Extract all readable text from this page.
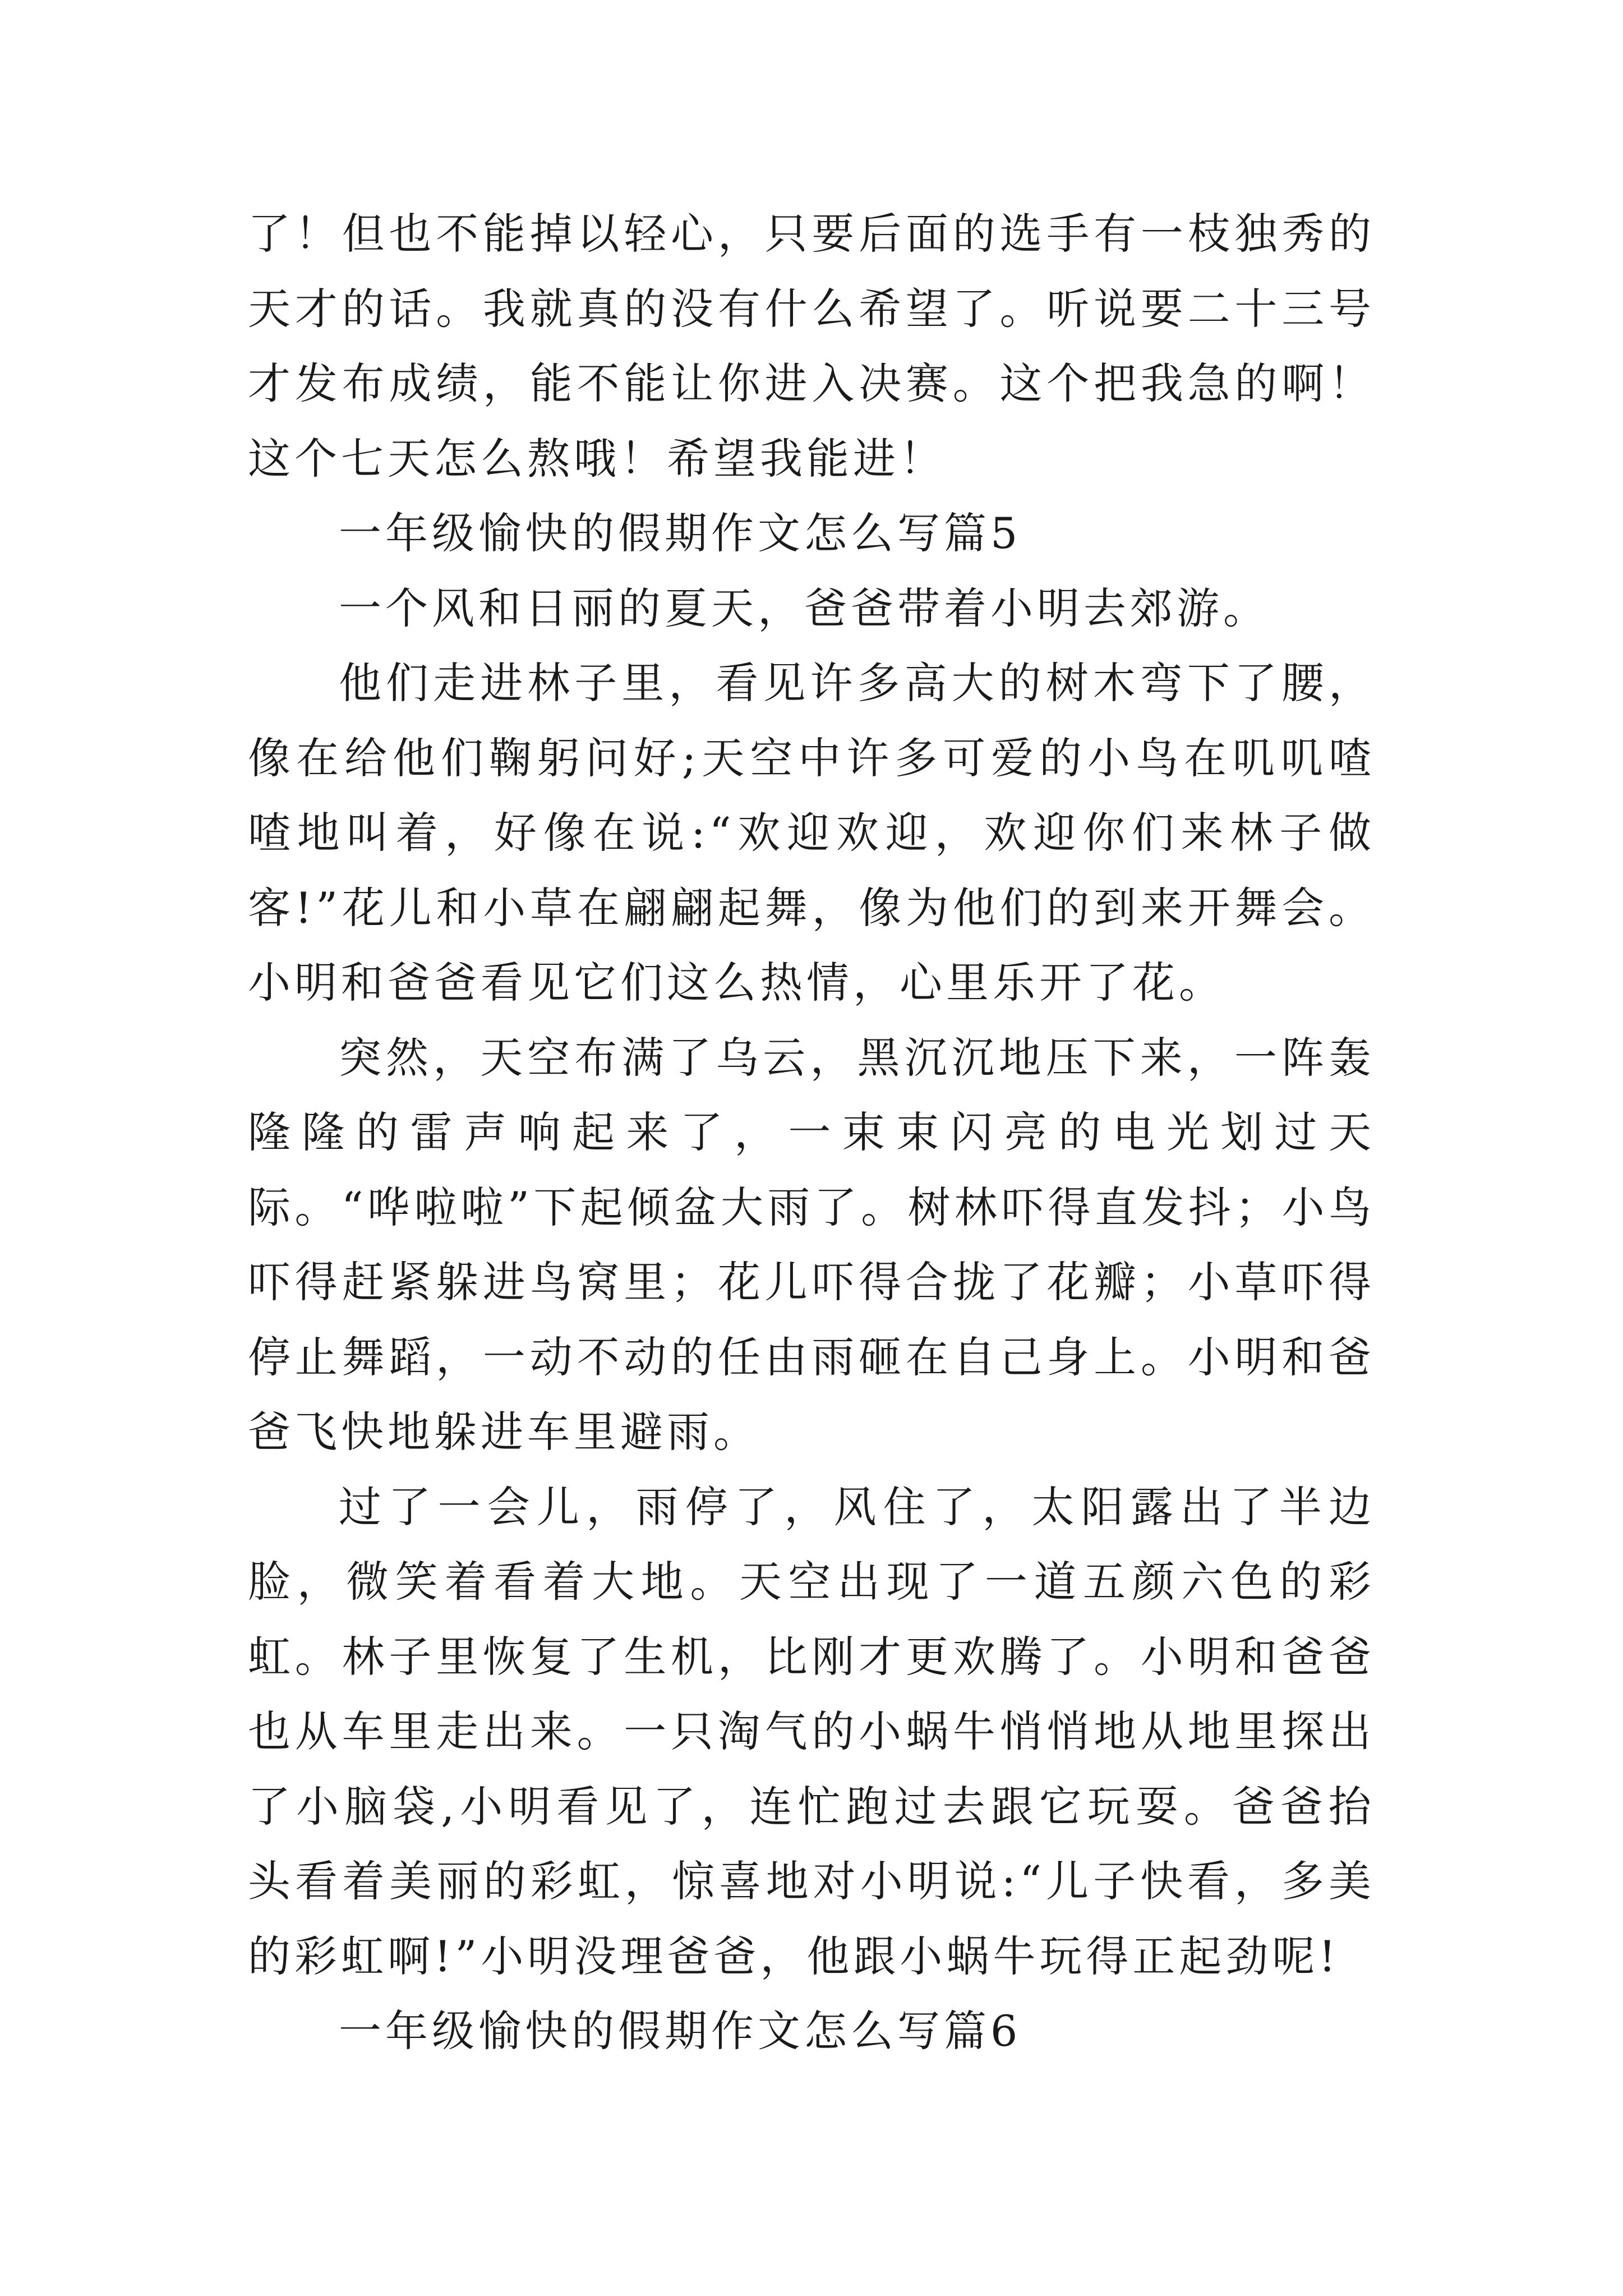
了！但也不能掉以轻心，只要后面的选手有一枝独秀的天才的话。我就真的没有什么希望了。听说要二十三号才发布成绩，能不能让你进入决赛。这个把我急的啊！这个七天怎么熬哦！希望我能进！

一年级愉快的假期作文怎么写篇5

一个风和日丽的夏天，爸爸带着小明去郊游。

他们走进林子里，看见许多高大的树木弯下了腰，像在给他们鞠躬问好;天空中许多可爱的小鸟在叽叽喳喳地叫着，好像在说:“欢迎欢迎，欢迎你们来林子做客!”花儿和小草在翩翩起舞，像为他们的到来开舞会。小明和爸爸看见它们这么热情，心里乐开了花。

突然，天空布满了乌云，黑沉沉地压下来，一阵轰隆隆的雷声响起来了，一束束闪亮的电光划过天际。“哗啦啦”下起倾盆大雨了。树林吓得直发抖；小鸟吓得赶紧躲进鸟窝里；花儿吓得合拢了花瓣；小草吓得停止舞蹈，一动不动的任由雨砸在自己身上。小明和爸爸飞快地躲进车里避雨。

过了一会儿，雨停了，风住了，太阳露出了半边脸，微笑着看着大地。天空出现了一道五颜六色的彩虹。林子里恢复了生机，比刚才更欢腾了。小明和爸爸也从车里走出来。一只淘气的小蜗牛悄悄地从地里探出了小脑袋,小明看见了，连忙跑过去跟它玩耍。爸爸抬头看着美丽的彩虹，惊喜地对小明说:“儿子快看，多美的彩虹啊!”小明没理爸爸，他跟小蜗牛玩得正起劲呢!

一年级愉快的假期作文怎么写篇6
